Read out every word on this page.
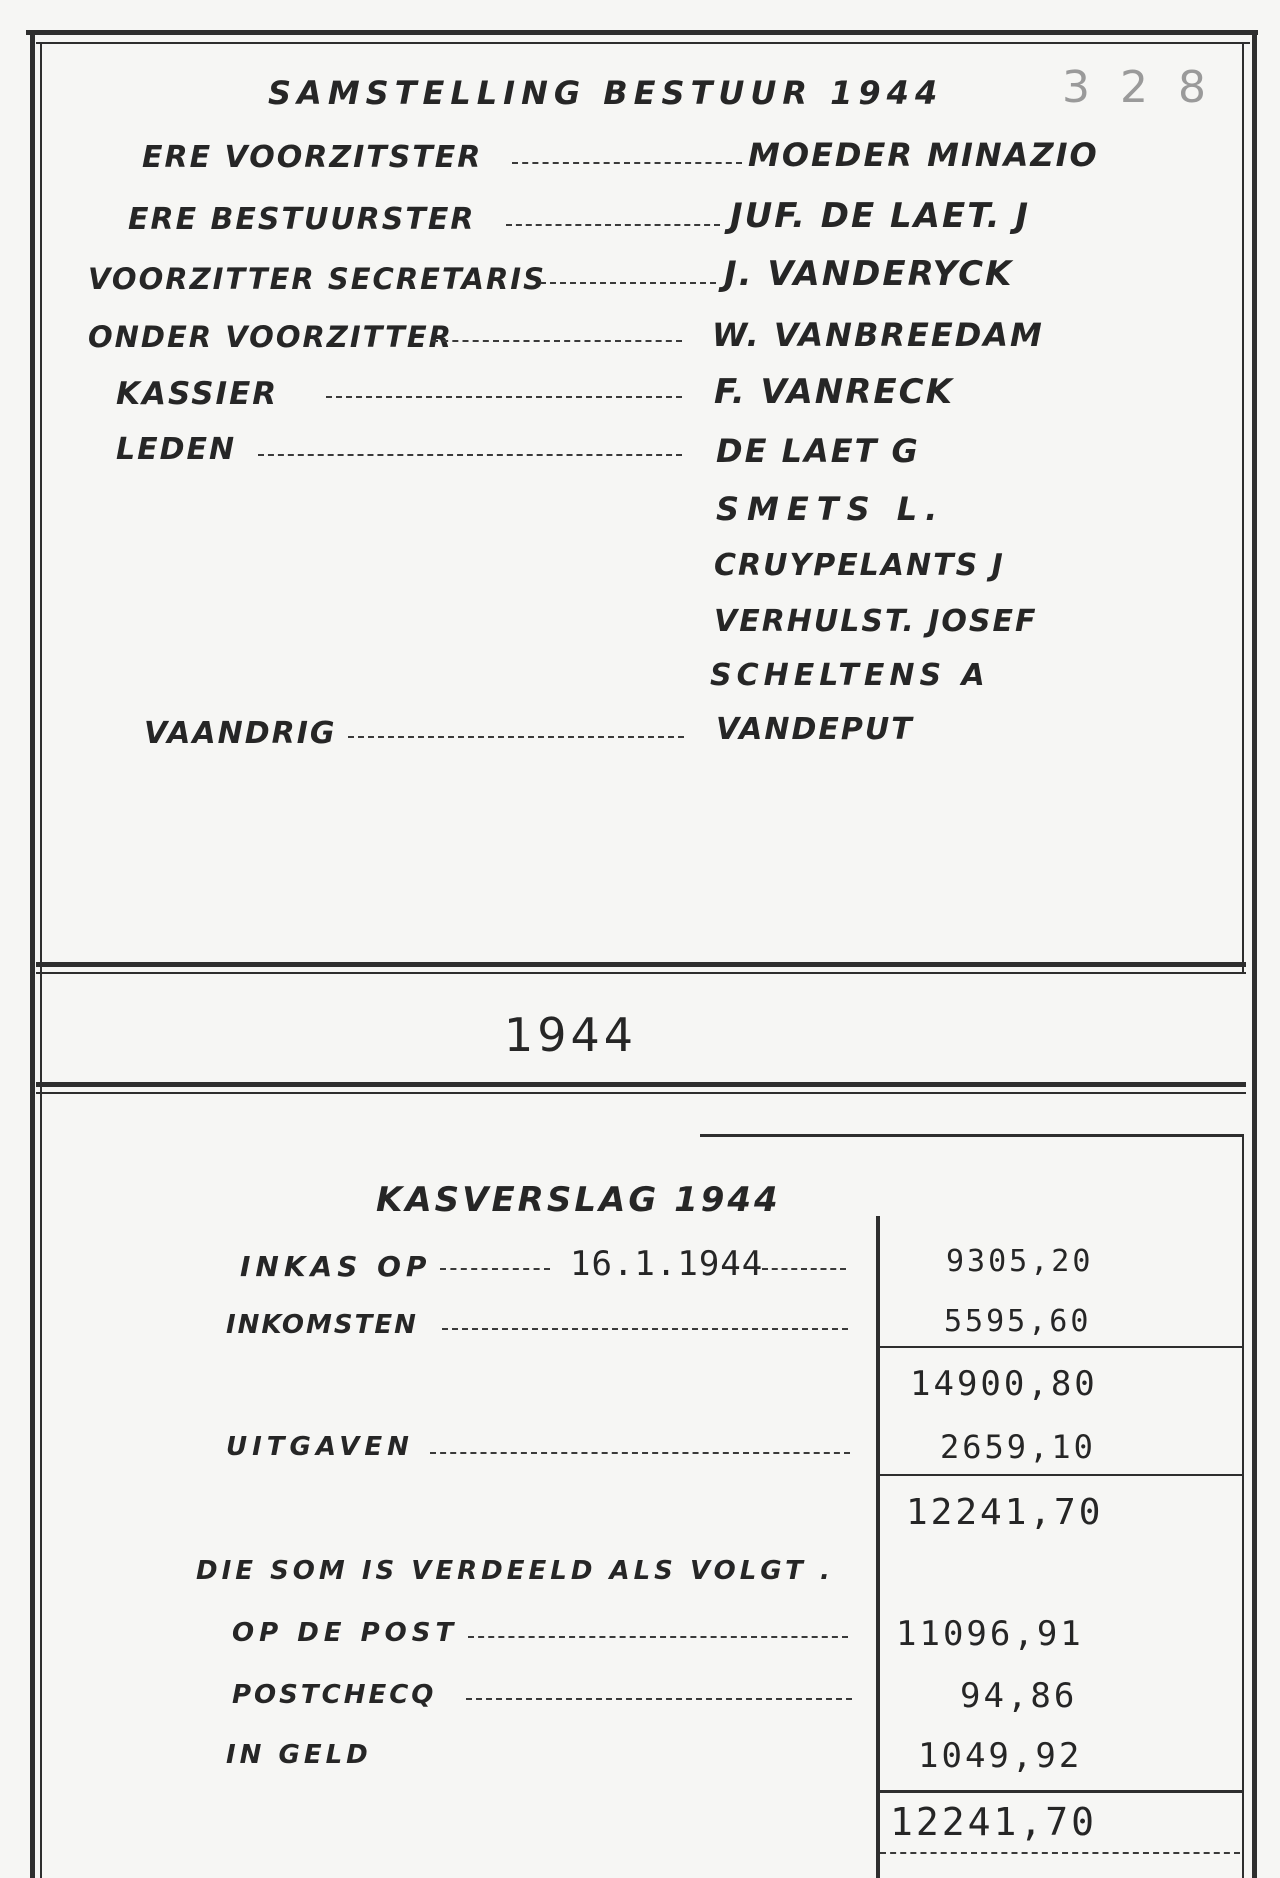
3 2 8
SAMSTELLING BESTUUR 1944
ERE VOORZITSTER	MOEDER MINAZIO
ERE BESTUURSTER	JUF. DE LAET. J
VOORZITTER SECRETARIS	J. VANDERYCK
ONDER VOORZITTER	W. VANBREEDAM
KASSIER	F. VANRECK
LEDEN	DE LAET G
SMETS L.
CRUYPELANTS J
VERHULST. JOSEF
SCHELTENS A
VAANDRIG	VANDEPUT
1944
KASVERSLAG 1944
INKAS OP	16.1.1944	9305,20
INKOMSTEN	5595,60
14900,80
UITGAVEN	2659,10
12241,70
DIE SOM IS VERDEELD ALS VOLGT .
OP DE POST	11096,91
POSTCHECQ	94,86
IN GELD	1049,92
12241,70
